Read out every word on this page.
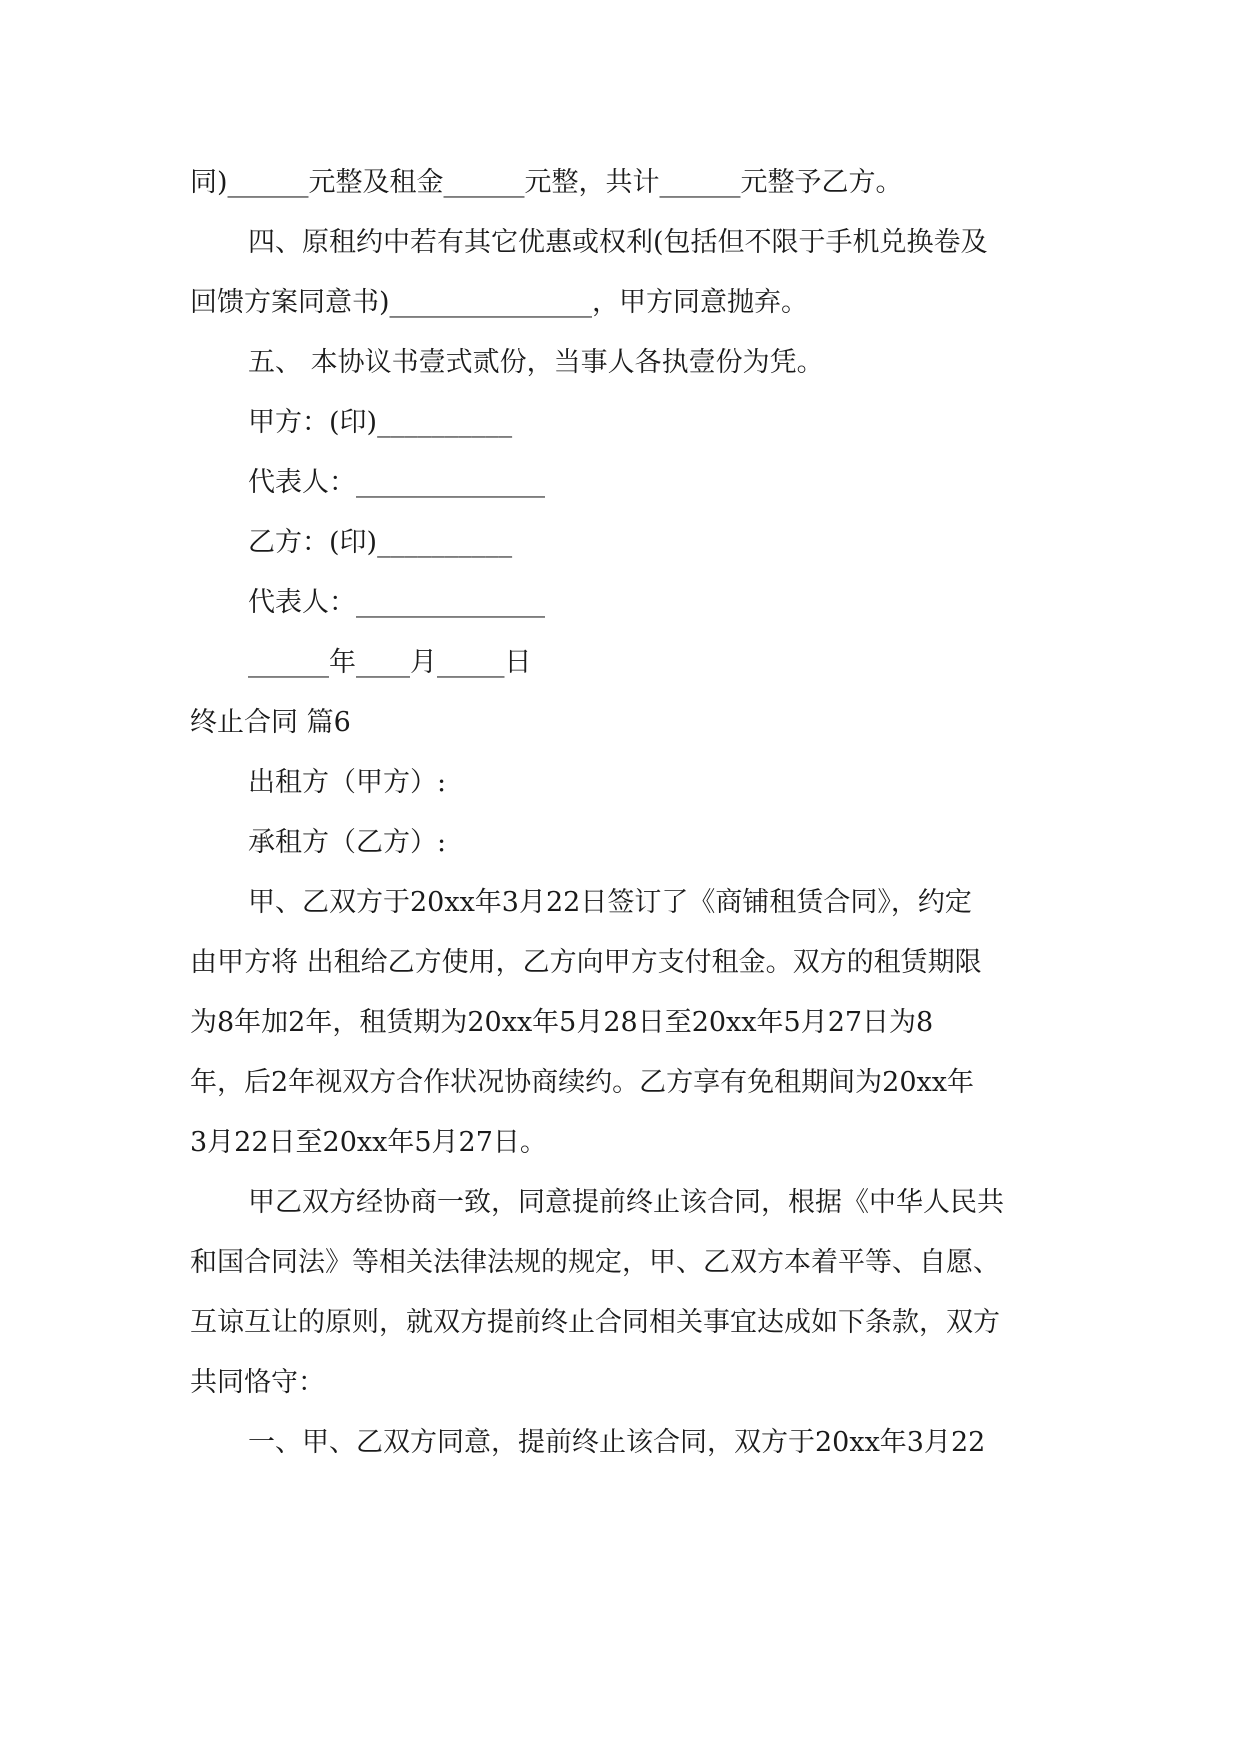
同)______元整及租金______元整，共计______元整予乙方。
四、原租约中若有其它优惠或权利(包括但不限于手机兑换卷及
回馈方案同意书)_______________，甲方同意抛弃。
五、 本协议书壹式贰份，当事人各执壹份为凭。
甲方：(印)__________
代表人：______________
乙方：(印)__________
代表人：______________
______年____月_____日
终止合同 篇6
出租方（甲方）:
承租方（乙方）:
甲、乙双方于20xx年3月22日签订了《商铺租赁合同》，约定
由甲方将 出租给乙方使用，乙方向甲方支付租金。双方的租赁期限
为8年加2年，租赁期为20xx年5月28日至20xx年5月27日为8
年，后2年视双方合作状况协商续约。乙方享有免租期间为20xx年
3月22日至20xx年5月27日。
甲乙双方经协商一致，同意提前终止该合同，根据《中华人民共
和国合同法》等相关法律法规的规定，甲、乙双方本着平等、自愿、
互谅互让的原则，就双方提前终止合同相关事宜达成如下条款，双方
共同恪守：
一、甲、乙双方同意，提前终止该合同，双方于20xx年3月22
